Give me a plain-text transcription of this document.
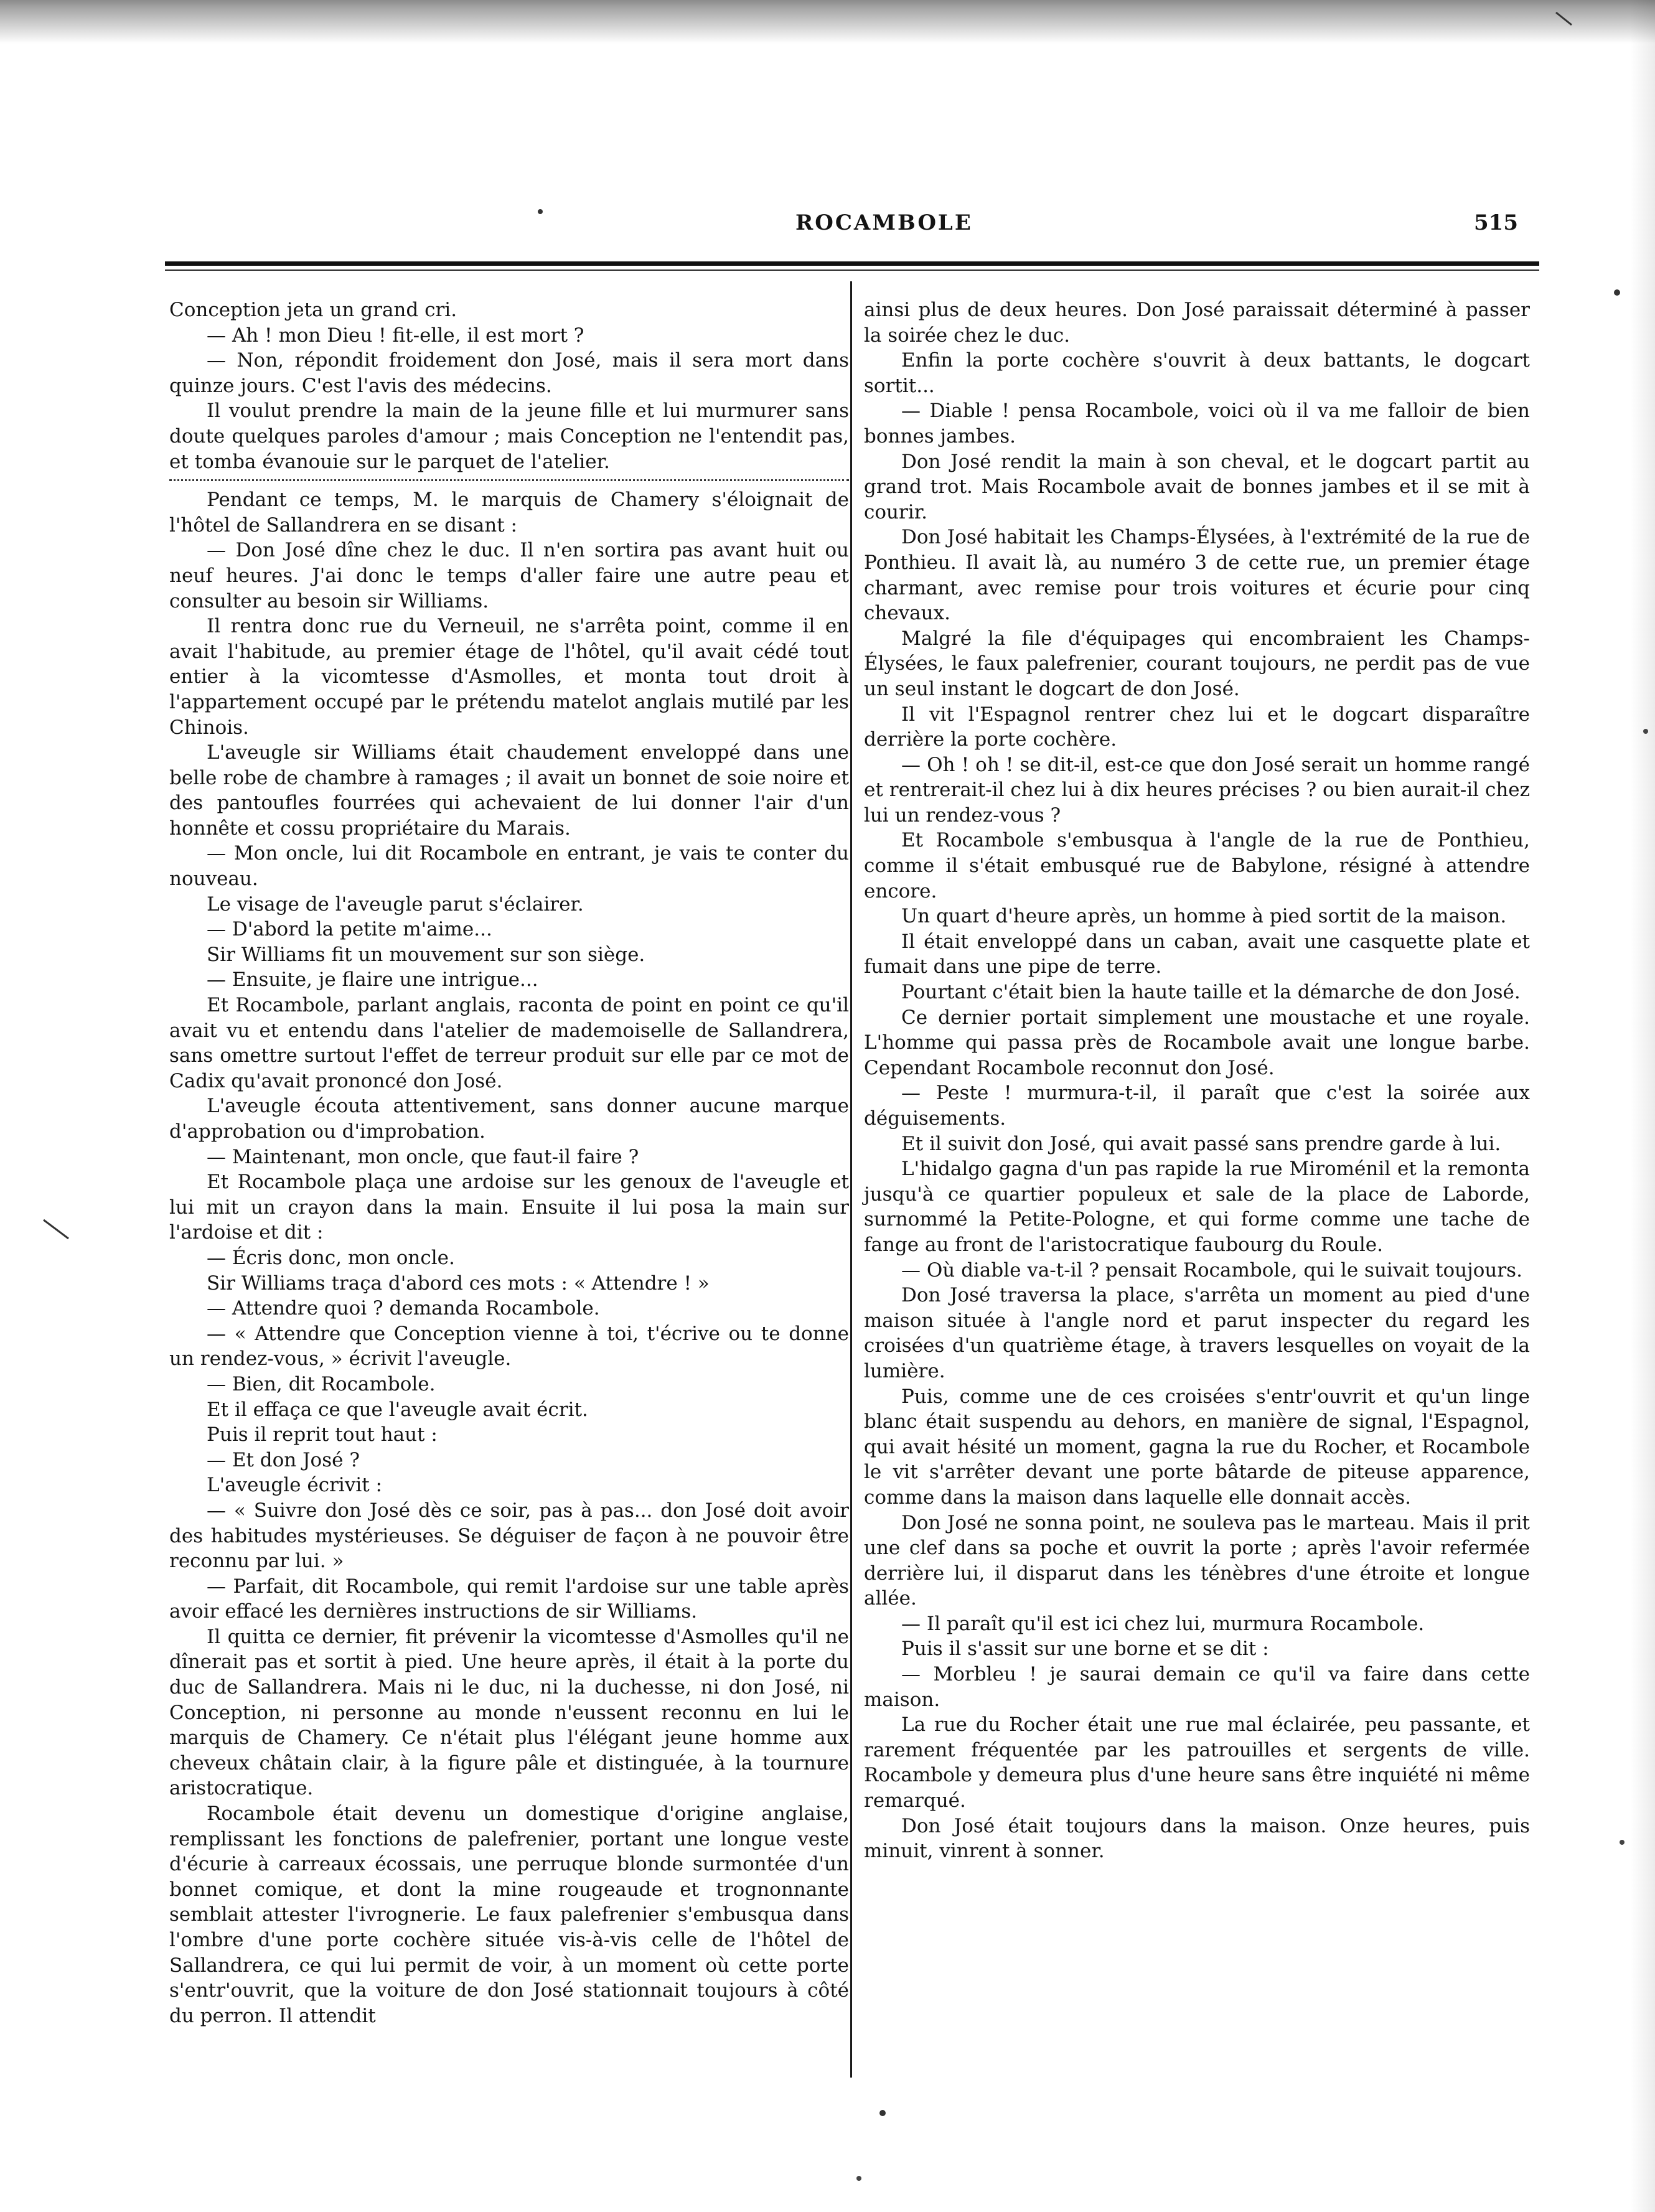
ROCAMBOLE	515

Conception jeta un grand cri.

— Ah ! mon Dieu ! fit-elle, il est mort ?

— Non, répondit froidement don José, mais il sera mort dans quinze jours. C'est l'avis des médecins.

Il voulut prendre la main de la jeune fille et lui murmurer sans doute quelques paroles d'amour ; mais Conception ne l'entendit pas, et tomba évanouie sur le parquet de l'atelier.

Pendant ce temps, M. le marquis de Chamery s'éloignait de l'hôtel de Sallandrera en se disant :

— Don José dîne chez le duc. Il n'en sortira pas avant huit ou neuf heures. J'ai donc le temps d'aller faire une autre peau et consulter au besoin sir Williams.

Il rentra donc rue du Verneuil, ne s'arrêta point, comme il en avait l'habitude, au premier étage de l'hôtel, qu'il avait cédé tout entier à la vicomtesse d'Asmolles, et monta tout droit à l'appartement occupé par le prétendu matelot anglais mutilé par les Chinois.

L'aveugle sir Williams était chaudement enveloppé dans une belle robe de chambre à ramages ; il avait un bonnet de soie noire et des pantoufles fourrées qui achevaient de lui donner l'air d'un honnête et cossu propriétaire du Marais.

— Mon oncle, lui dit Rocambole en entrant, je vais te conter du nouveau.

Le visage de l'aveugle parut s'éclairer.

— D'abord la petite m'aime...

Sir Williams fit un mouvement sur son siège.

— Ensuite, je flaire une intrigue...

Et Rocambole, parlant anglais, raconta de point en point ce qu'il avait vu et entendu dans l'atelier de mademoiselle de Sallandrera, sans omettre surtout l'effet de terreur produit sur elle par ce mot de Cadix qu'avait prononcé don José.

L'aveugle écouta attentivement, sans donner aucune marque d'approbation ou d'improbation.

— Maintenant, mon oncle, que faut-il faire ?

Et Rocambole plaça une ardoise sur les genoux de l'aveugle et lui mit un crayon dans la main. Ensuite il lui posa la main sur l'ardoise et dit :

— Écris donc, mon oncle.

Sir Williams traça d'abord ces mots : « Attendre ! »

— Attendre quoi ? demanda Rocambole.

— « Attendre que Conception vienne à toi, t'écrive ou te donne un rendez-vous, » écrivit l'aveugle.

— Bien, dit Rocambole.

Et il effaça ce que l'aveugle avait écrit.

Puis il reprit tout haut :

— Et don José ?

L'aveugle écrivit :

— « Suivre don José dès ce soir, pas à pas... don José doit avoir des habitudes mystérieuses. Se déguiser de façon à ne pouvoir être reconnu par lui. »

— Parfait, dit Rocambole, qui remit l'ardoise sur une table après avoir effacé les dernières instructions de sir Williams.

Il quitta ce dernier, fit prévenir la vicomtesse d'Asmolles qu'il ne dînerait pas et sortit à pied. Une heure après, il était à la porte du duc de Sallandrera. Mais ni le duc, ni la duchesse, ni don José, ni Conception, ni personne au monde n'eussent reconnu en lui le marquis de Chamery. Ce n'était plus l'élégant jeune homme aux cheveux châtain clair, à la figure pâle et distinguée, à la tournure aristocratique.

Rocambole était devenu un domestique d'origine anglaise, remplissant les fonctions de palefrenier, portant une longue veste d'écurie à carreaux écossais, une perruque blonde surmontée d'un bonnet comique, et dont la mine rougeaude et trognonnante semblait attester l'ivrognerie. Le faux palefrenier s'embusqua dans l'ombre d'une porte cochère située vis-à-vis celle de l'hôtel de Sallandrera, ce qui lui permit de voir, à un moment où cette porte s'entr'ouvrit, que la voiture de don José stationnait toujours à côté du perron. Il attendit

ainsi plus de deux heures. Don José paraissait déterminé à passer la soirée chez le duc.

Enfin la porte cochère s'ouvrit à deux battants, le dogcart sortit...

— Diable ! pensa Rocambole, voici où il va me falloir de bien bonnes jambes.

Don José rendit la main à son cheval, et le dogcart partit au grand trot. Mais Rocambole avait de bonnes jambes et il se mit à courir.

Don José habitait les Champs-Élysées, à l'extrémité de la rue de Ponthieu. Il avait là, au numéro 3 de cette rue, un premier étage charmant, avec remise pour trois voitures et écurie pour cinq chevaux.

Malgré la file d'équipages qui encombraient les Champs-Élysées, le faux palefrenier, courant toujours, ne perdit pas de vue un seul instant le dogcart de don José.

Il vit l'Espagnol rentrer chez lui et le dogcart disparaître derrière la porte cochère.

— Oh ! oh ! se dit-il, est-ce que don José serait un homme rangé et rentrerait-il chez lui à dix heures précises ? ou bien aurait-il chez lui un rendez-vous ?

Et Rocambole s'embusqua à l'angle de la rue de Ponthieu, comme il s'était embusqué rue de Babylone, résigné à attendre encore.

Un quart d'heure après, un homme à pied sortit de la maison.

Il était enveloppé dans un caban, avait une casquette plate et fumait dans une pipe de terre.

Pourtant c'était bien la haute taille et la démarche de don José.

Ce dernier portait simplement une moustache et une royale. L'homme qui passa près de Rocambole avait une longue barbe. Cependant Rocambole reconnut don José.

— Peste ! murmura-t-il, il paraît que c'est la soirée aux déguisements.

Et il suivit don José, qui avait passé sans prendre garde à lui.

L'hidalgo gagna d'un pas rapide la rue Miroménil et la remonta jusqu'à ce quartier populeux et sale de la place de Laborde, surnommé la Petite-Pologne, et qui forme comme une tache de fange au front de l'aristocratique faubourg du Roule.

— Où diable va-t-il ? pensait Rocambole, qui le suivait toujours.

Don José traversa la place, s'arrêta un moment au pied d'une maison située à l'angle nord et parut inspecter du regard les croisées d'un quatrième étage, à travers lesquelles on voyait de la lumière.

Puis, comme une de ces croisées s'entr'ouvrit et qu'un linge blanc était suspendu au dehors, en manière de signal, l'Espagnol, qui avait hésité un moment, gagna la rue du Rocher, et Rocambole le vit s'arrêter devant une porte bâtarde de piteuse apparence, comme dans la maison dans laquelle elle donnait accès.

Don José ne sonna point, ne souleva pas le marteau. Mais il prit une clef dans sa poche et ouvrit la porte ; après l'avoir refermée derrière lui, il disparut dans les ténèbres d'une étroite et longue allée.

— Il paraît qu'il est ici chez lui, murmura Rocambole.

Puis il s'assit sur une borne et se dit :

— Morbleu ! je saurai demain ce qu'il va faire dans cette maison.

La rue du Rocher était une rue mal éclairée, peu passante, et rarement fréquentée par les patrouilles et sergents de ville. Rocambole y demeura plus d'une heure sans être inquiété ni même remarqué.

Don José était toujours dans la maison. Onze heures, puis minuit, vinrent à sonner.
